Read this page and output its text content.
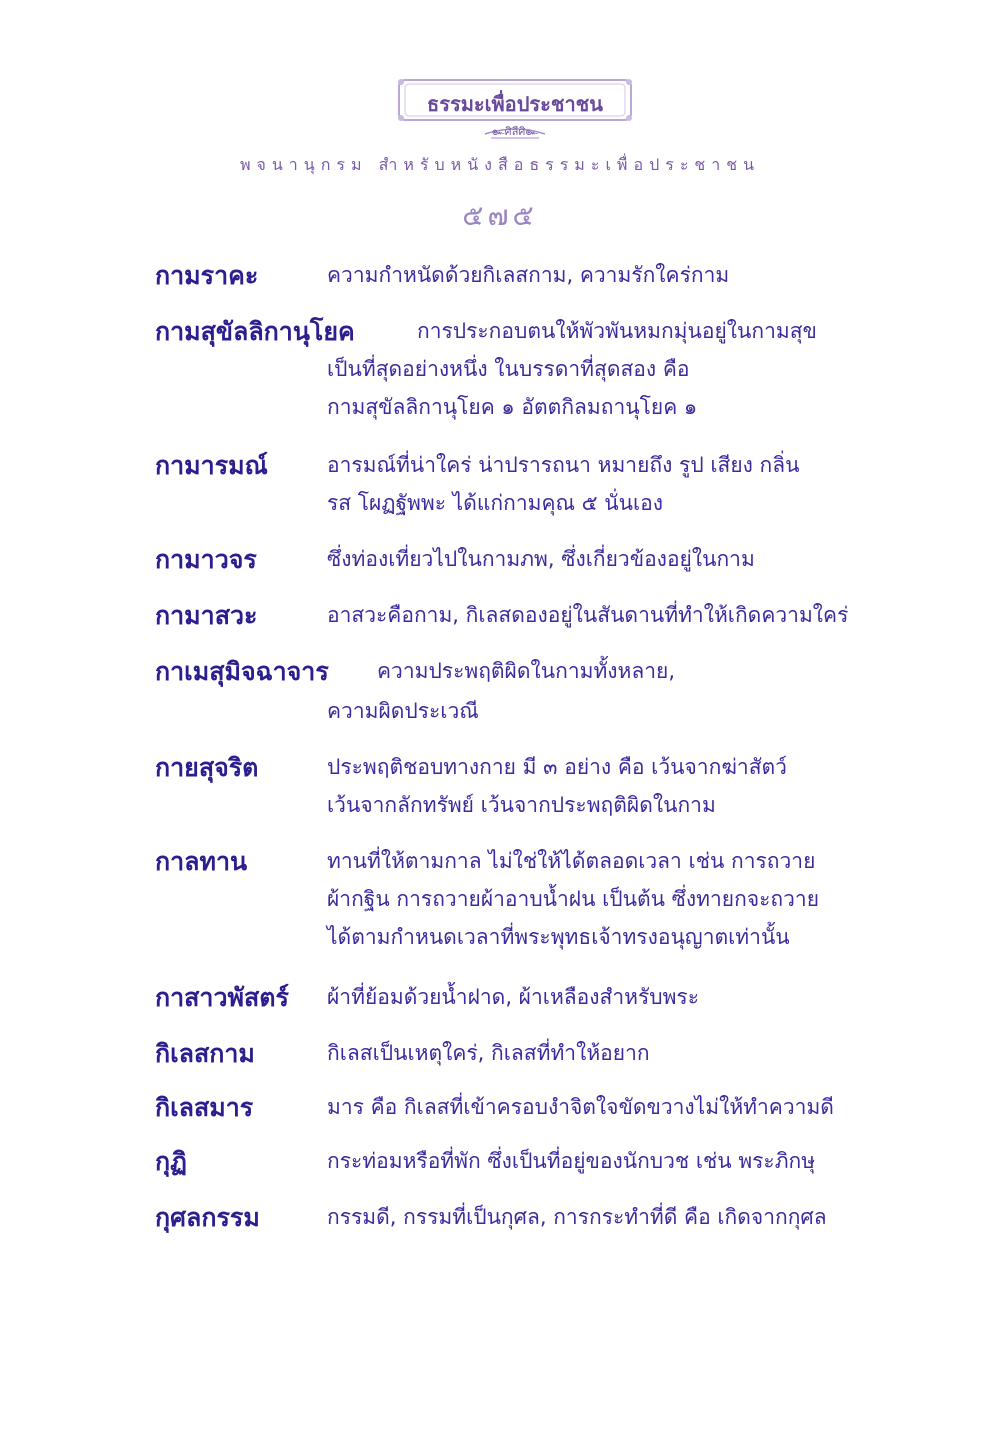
ธรรมะเพื่อประชาชน
๛ศิลีศิ๛
พจนานุกรม สำหรับหนังสือธรรมะเพื่อประชาชน
๕๗๕
กามราคะ	ความกำหนัดด้วยกิเลสกาม, ความรักใคร่กาม
กามสุขัลลิกานุโยค	การประกอบตนให้พัวพันหมกมุ่นอยู่ในกามสุข
เป็นที่สุดอย่างหนึ่ง ในบรรดาที่สุดสอง คือ
กามสุขัลลิกานุโยค ๑ อัตตกิลมถานุโยค ๑
กามารมณ์	อารมณ์ที่น่าใคร่ น่าปรารถนา หมายถึง รูป เสียง กลิ่น
รส โผฏฐัพพะ ได้แก่กามคุณ ๕ นั่นเอง
กามาวจร	ซึ่งท่องเที่ยวไปในกามภพ, ซึ่งเกี่ยวข้องอยู่ในกาม
กามาสวะ	อาสวะคือกาม, กิเลสดองอยู่ในสันดานที่ทำให้เกิดความใคร่
กาเมสุมิจฉาจาร ความประพฤติผิดในกามทั้งหลาย,
ความผิดประเวณี
กายสุจริต	ประพฤติชอบทางกาย มี ๓ อย่าง คือ เว้นจากฆ่าสัตว์
เว้นจากลักทรัพย์ เว้นจากประพฤติผิดในกาม
กาลทาน	ทานที่ให้ตามกาล ไม่ใช่ให้ได้ตลอดเวลา เช่น การถวาย
ผ้ากฐิน การถวายผ้าอาบน้ำฝน เป็นต้น ซึ่งทายกจะถวาย
ได้ตามกำหนดเวลาที่พระพุทธเจ้าทรงอนุญาตเท่านั้น
กาสาวพัสตร์ ผ้าที่ย้อมด้วยน้ำฝาด, ผ้าเหลืองสำหรับพระ
กิเลสกาม	กิเลสเป็นเหตุใคร่, กิเลสที่ทำให้อยาก
กิเลสมาร	มาร คือ กิเลสที่เข้าครอบงำจิตใจขัดขวางไม่ให้ทำความดี
กุฏิ	กระท่อมหรือที่พัก ซึ่งเป็นที่อยู่ของนักบวช เช่น พระภิกษุ
กุศลกรรม	กรรมดี, กรรมที่เป็นกุศล, การกระทำที่ดี คือ เกิดจากกุศล
